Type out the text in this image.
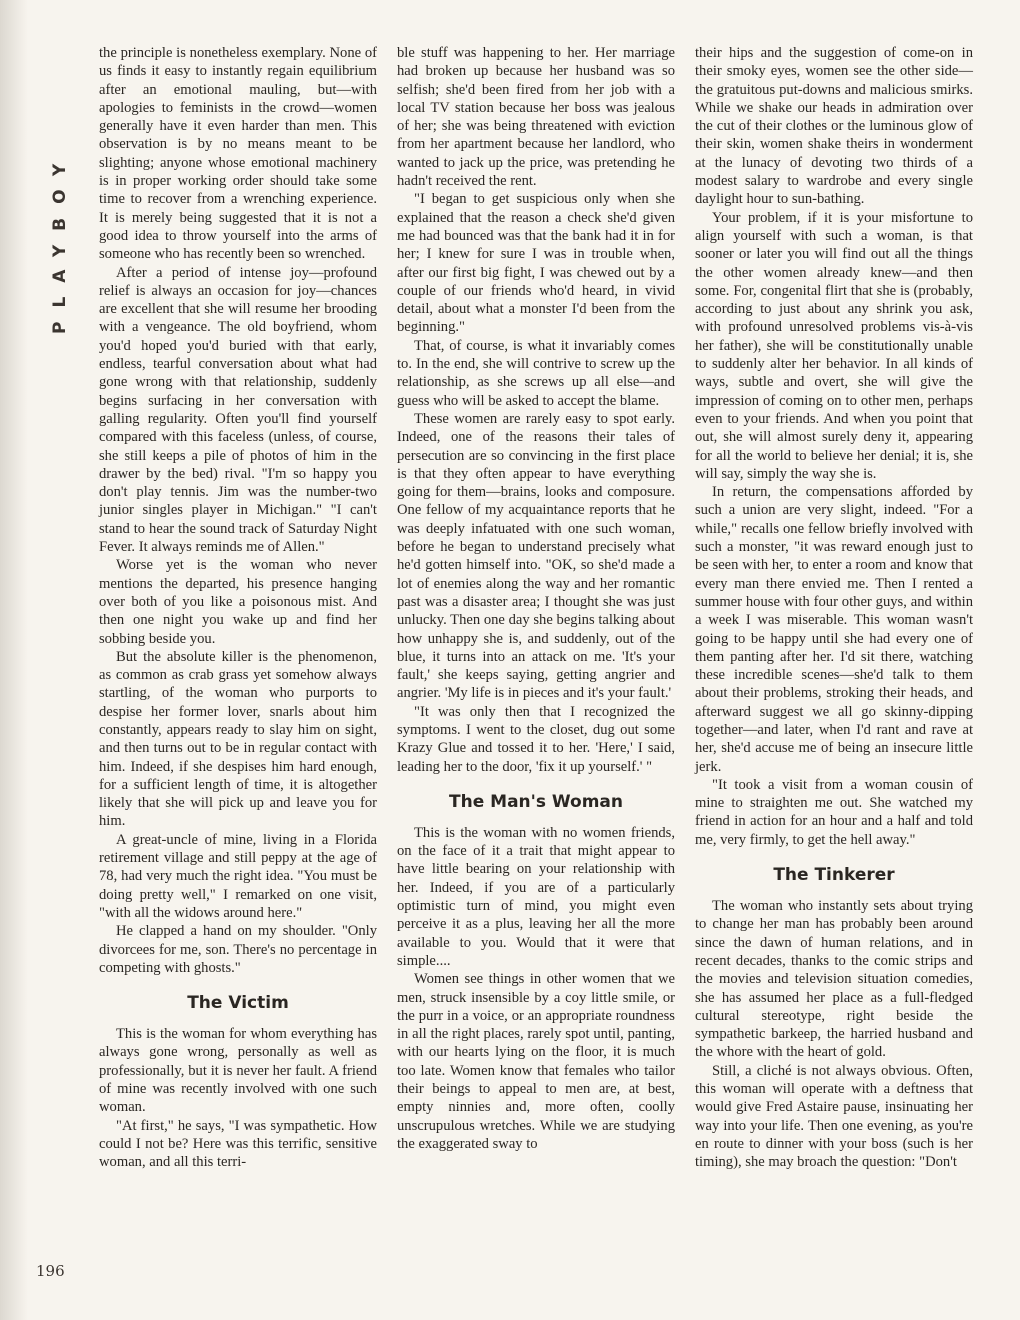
PLAYBOY
196

the principle is nonetheless exemplary. None of us finds it easy to instantly regain equilibrium after an emotional mauling, but—with apologies to feminists in the crowd—women generally have it even harder than men. This observation is by no means meant to be slighting; anyone whose emotional machinery is in proper working order should take some time to recover from a wrenching experience. It is merely being suggested that it is not a good idea to throw yourself into the arms of someone who has recently been so wrenched.

After a period of intense joy—profound relief is always an occasion for joy—chances are excellent that she will resume her brooding with a vengeance. The old boyfriend, whom you'd hoped you'd buried with that early, endless, tearful conversation about what had gone wrong with that relationship, suddenly begins surfacing in her conversation with galling regularity. Often you'll find yourself compared with this faceless (unless, of course, she still keeps a pile of photos of him in the drawer by the bed) rival. "I'm so happy you don't play tennis. Jim was the number-two junior singles player in Michigan." "I can't stand to hear the sound track of Saturday Night Fever. It always reminds me of Allen."

Worse yet is the woman who never mentions the departed, his presence hanging over both of you like a poisonous mist. And then one night you wake up and find her sobbing beside you.

But the absolute killer is the phenomenon, as common as crab grass yet somehow always startling, of the woman who purports to despise her former lover, snarls about him constantly, appears ready to slay him on sight, and then turns out to be in regular contact with him. Indeed, if she despises him hard enough, for a sufficient length of time, it is altogether likely that she will pick up and leave you for him.

A great-uncle of mine, living in a Florida retirement village and still peppy at the age of 78, had very much the right idea. "You must be doing pretty well," I remarked on one visit, "with all the widows around here."

He clapped a hand on my shoulder. "Only divorcees for me, son. There's no percentage in competing with ghosts."

The Victim

This is the woman for whom everything has always gone wrong, personally as well as professionally, but it is never her fault. A friend of mine was recently involved with one such woman.

"At first," he says, "I was sympathetic. How could I not be? Here was this terrific, sensitive woman, and all this terri-

ble stuff was happening to her. Her marriage had broken up because her husband was so selfish; she'd been fired from her job with a local TV station because her boss was jealous of her; she was being threatened with eviction from her apartment because her landlord, who wanted to jack up the price, was pretending he hadn't received the rent.

"I began to get suspicious only when she explained that the reason a check she'd given me had bounced was that the bank had it in for her; I knew for sure I was in trouble when, after our first big fight, I was chewed out by a couple of our friends who'd heard, in vivid detail, about what a monster I'd been from the beginning."

That, of course, is what it invariably comes to. In the end, she will contrive to screw up the relationship, as she screws up all else—and guess who will be asked to accept the blame.

These women are rarely easy to spot early. Indeed, one of the reasons their tales of persecution are so convincing in the first place is that they often appear to have everything going for them—brains, looks and composure. One fellow of my acquaintance reports that he was deeply infatuated with one such woman, before he began to understand precisely what he'd gotten himself into. "OK, so she'd made a lot of enemies along the way and her romantic past was a disaster area; I thought she was just unlucky. Then one day she begins talking about how unhappy she is, and suddenly, out of the blue, it turns into an attack on me. 'It's your fault,' she keeps saying, getting angrier and angrier. 'My life is in pieces and it's your fault.'

"It was only then that I recognized the symptoms. I went to the closet, dug out some Krazy Glue and tossed it to her. 'Here,' I said, leading her to the door, 'fix it up yourself.' "

The Man's Woman

This is the woman with no women friends, on the face of it a trait that might appear to have little bearing on your relationship with her. Indeed, if you are of a particularly optimistic turn of mind, you might even perceive it as a plus, leaving her all the more available to you. Would that it were that simple....

Women see things in other women that we men, struck insensible by a coy little smile, or the purr in a voice, or an appropriate roundness in all the right places, rarely spot until, panting, with our hearts lying on the floor, it is much too late. Women know that females who tailor their beings to appeal to men are, at best, empty ninnies and, more often, coolly unscrupulous wretches. While we are studying the exaggerated sway to

their hips and the suggestion of come-on in their smoky eyes, women see the other side—the gratuitous put-downs and malicious smirks. While we shake our heads in admiration over the cut of their clothes or the luminous glow of their skin, women shake theirs in wonderment at the lunacy of devoting two thirds of a modest salary to wardrobe and every single daylight hour to sun-bathing.

Your problem, if it is your misfortune to align yourself with such a woman, is that sooner or later you will find out all the things the other women already knew—and then some. For, congenital flirt that she is (probably, according to just about any shrink you ask, with profound unresolved problems vis-à-vis her father), she will be constitutionally unable to suddenly alter her behavior. In all kinds of ways, subtle and overt, she will give the impression of coming on to other men, perhaps even to your friends. And when you point that out, she will almost surely deny it, appearing for all the world to believe her denial; it is, she will say, simply the way she is.

In return, the compensations afforded by such a union are very slight, indeed. "For a while," recalls one fellow briefly involved with such a monster, "it was reward enough just to be seen with her, to enter a room and know that every man there envied me. Then I rented a summer house with four other guys, and within a week I was miserable. This woman wasn't going to be happy until she had every one of them panting after her. I'd sit there, watching these incredible scenes—she'd talk to them about their problems, stroking their heads, and afterward suggest we all go skinny-dipping together—and later, when I'd rant and rave at her, she'd accuse me of being an insecure little jerk.

"It took a visit from a woman cousin of mine to straighten me out. She watched my friend in action for an hour and a half and told me, very firmly, to get the hell away."

The Tinkerer

The woman who instantly sets about trying to change her man has probably been around since the dawn of human relations, and in recent decades, thanks to the comic strips and the movies and television situation comedies, she has assumed her place as a full-fledged cultural stereotype, right beside the sympathetic barkeep, the harried husband and the whore with the heart of gold.

Still, a cliché is not always obvious. Often, this woman will operate with a deftness that would give Fred Astaire pause, insinuating her way into your life. Then one evening, as you're en route to dinner with your boss (such is her timing), she may broach the question: "Don't
